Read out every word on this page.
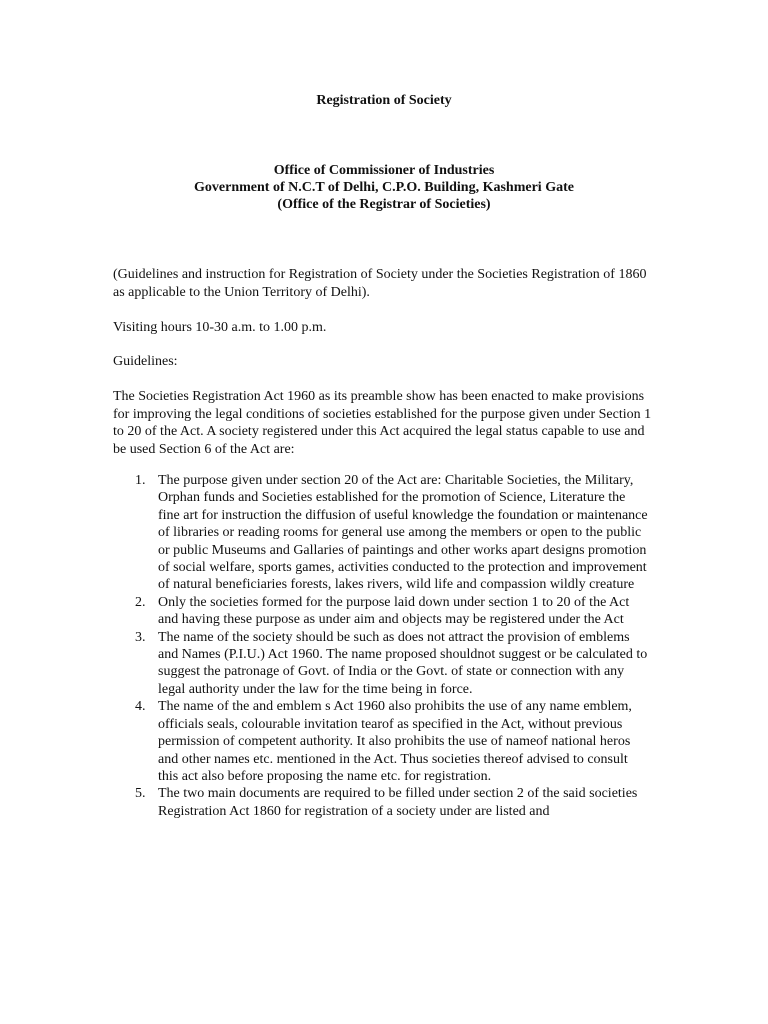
Registration of Society

Office of Commissioner of Industries

Government of N.C.T of Delhi, C.P.O. Building, Kashmeri Gate

(Office of the Registrar of Societies)

(Guidelines and instruction for Registration of Society under the Societies Registration of 1860 as applicable to the Union Territory of Delhi).

Visiting hours 10-30 a.m. to 1.00 p.m.

Guidelines:

The Societies Registration Act 1960 as its preamble show has been enacted to make provisions for improving the legal conditions of societies established for the purpose given under Section 1 to 20 of the Act. A society registered under this Act acquired the legal status capable to use and be used Section 6 of the Act are:

1. The purpose given under section 20 of the Act are: Charitable Societies, the Military, Orphan funds and Societies established for the promotion of Science, Literature the fine art for instruction the diffusion of useful knowledge the foundation or maintenance of libraries or reading rooms for general use among the members or open to the public or public Museums and Gallaries of paintings and other works apart designs promotion of social welfare, sports games, activities conducted to the protection and improvement of natural beneficiaries forests, lakes rivers, wild life and compassion wildly creature
2. Only the societies formed for the purpose laid down under section 1 to 20 of the Act and having these purpose as under aim and objects may be registered under the Act
3. The name of the society should be such as does not attract the provision of emblems and Names (P.I.U.) Act 1960. The name proposed shouldnot suggest or be calculated to suggest the patronage of Govt. of India or the Govt. of state or connection with any legal authority under the law for the time being in force.
4. The name of the and emblem s Act 1960 also prohibits the use of any name emblem, officials seals, colourable invitation tearof as specified in the Act, without previous permission of competent authority. It also prohibits the use of nameof national heros and other names etc. mentioned in the Act. Thus societies thereof advised to consult this act also before proposing the name etc. for registration.
5. The two main documents are required to be filled under section 2 of the said societies Registration Act 1860 for registration of a society under are listed and
